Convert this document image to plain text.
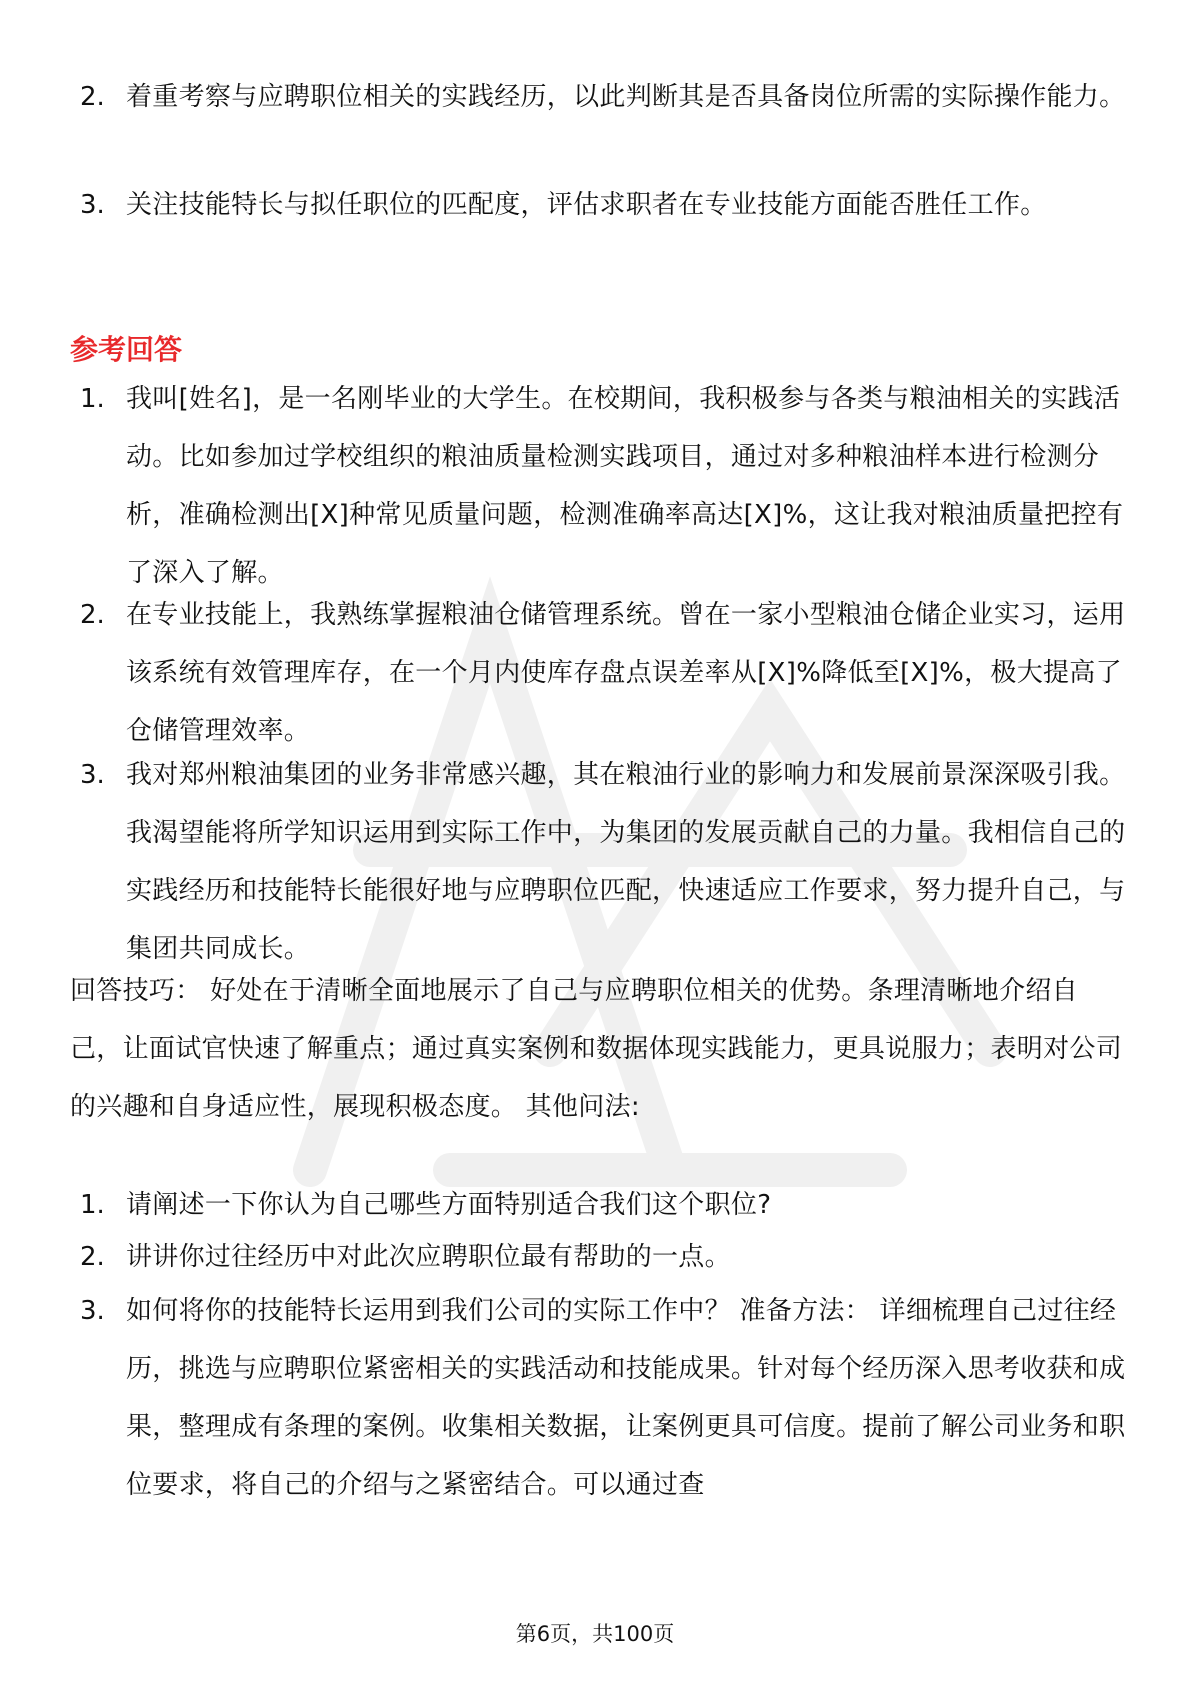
2. 着重考察与应聘职位相关的实践经历，以此判断其是否具备岗位所需的实际操作能力。
3. 关注技能特长与拟任职位的匹配度，评估求职者在专业技能方面能否胜任工作。
参考回答
1. 我叫[姓名]，是一名刚毕业的大学生。在校期间，我积极参与各类与粮油相关的实践活动。比如参加过学校组织的粮油质量检测实践项目，通过对多种粮油样本进行检测分析，准确检测出[X]种常见质量问题，检测准确率高达[X]%，这让我对粮油质量把控有了深入了解。
2. 在专业技能上，我熟练掌握粮油仓储管理系统。曾在一家小型粮油仓储企业实习，运用该系统有效管理库存，在一个月内使库存盘点误差率从[X]%降低至[X]%，极大提高了仓储管理效率。
3. 我对郑州粮油集团的业务非常感兴趣，其在粮油行业的影响力和发展前景深深吸引我。我渴望能将所学知识运用到实际工作中，为集团的发展贡献自己的力量。我相信自己的实践经历和技能特长能很好地与应聘职位匹配，快速适应工作要求，努力提升自己，与集团共同成长。
回答技巧： 好处在于清晰全面地展示了自己与应聘职位相关的优势。条理清晰地介绍自己，让面试官快速了解重点；通过真实案例和数据体现实践能力，更具说服力；表明对公司的兴趣和自身适应性，展现积极态度。 其他问法:
1. 请阐述一下你认为自己哪些方面特别适合我们这个职位?
2. 讲讲你过往经历中对此次应聘职位最有帮助的一点。
3. 如何将你的技能特长运用到我们公司的实际工作中？ 准备方法： 详细梳理自己过往经历，挑选与应聘职位紧密相关的实践活动和技能成果。针对每个经历深入思考收获和成果，整理成有条理的案例。收集相关数据，让案例更具可信度。提前了解公司业务和职位要求，将自己的介绍与之紧密结合。可以通过查
第6页，共100页
